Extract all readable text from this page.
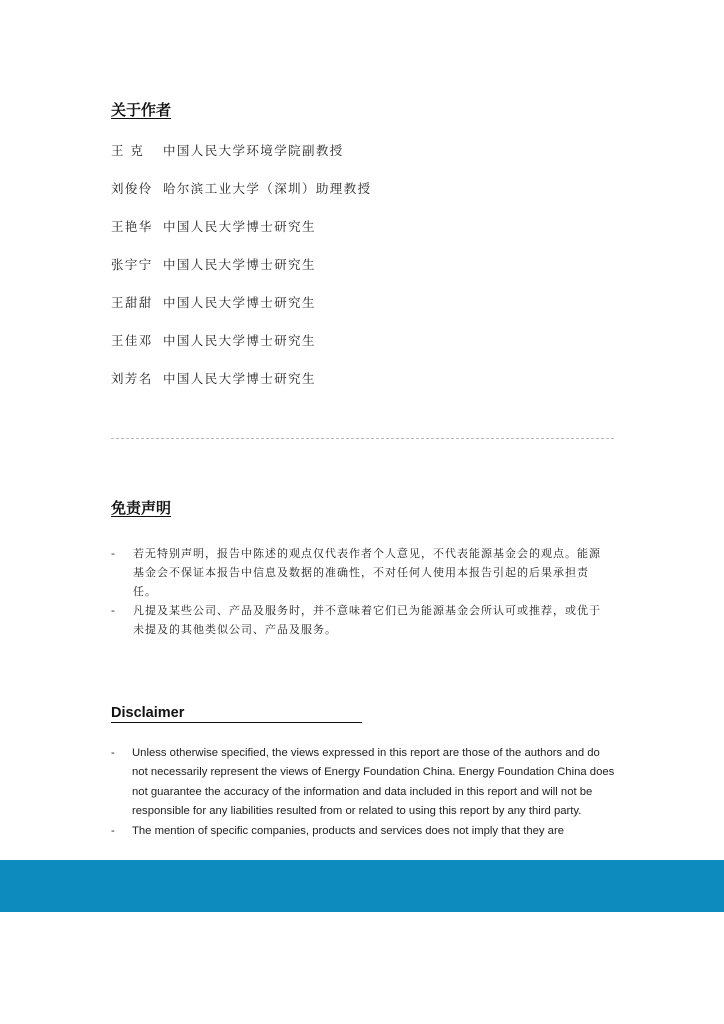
关于作者
王 克 中国人民大学环境学院副教授
刘俊伶 哈尔滨工业大学（深圳）助理教授
王艳华 中国人民大学博士研究生
张宇宁 中国人民大学博士研究生
王甜甜 中国人民大学博士研究生
王佳邓 中国人民大学博士研究生
刘芳名 中国人民大学博士研究生
免责声明
- 若无特别声明，报告中陈述的观点仅代表作者个人意见，不代表能源基金会的观点。能源基金会不保证本报告中信息及数据的准确性，不对任何人使用本报告引起的后果承担责任。
- 凡提及某些公司、产品及服务时，并不意味着它们已为能源基金会所认可或推荐，或优于未提及的其他类似公司、产品及服务。
Disclaimer
- Unless otherwise specified, the views expressed in this report are those of the authors and do not necessarily represent the views of Energy Foundation China. Energy Foundation China does not guarantee the accuracy of the information and data included in this report and will not be responsible for any liabilities resulted from or related to using this report by any third party.
- The mention of specific companies, products and services does not imply that they are
